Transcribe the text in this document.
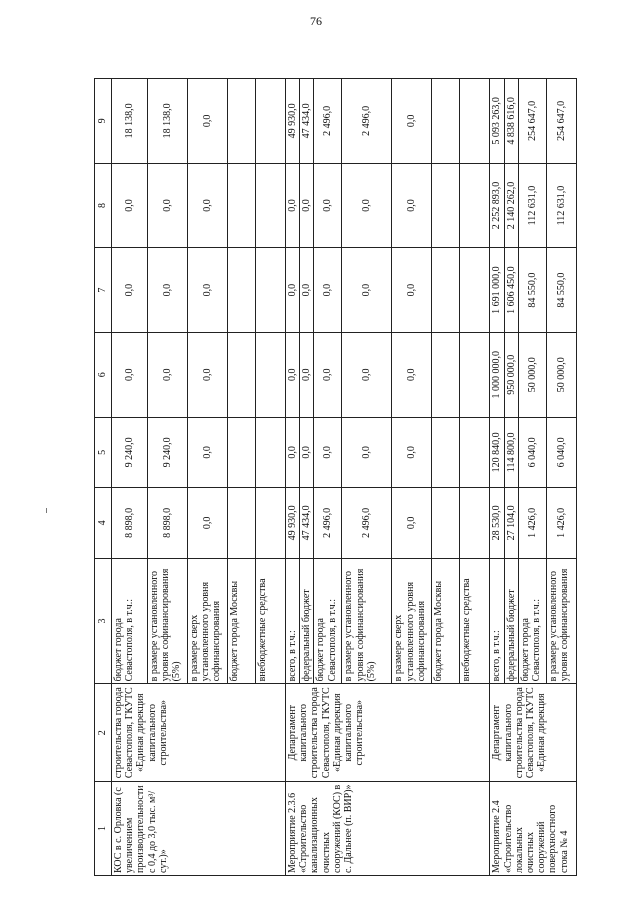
76
1	2	3	4	5	6	7	8	9
КОС в с. Орловка (с увеличением производительности с 0,4 до 3,0 тыс. м³/сут.)»	строительства города Севастополя, ГКУТС «Единая дирекция капитального строительства»	бюджет города Севастополя, в т.ч.:	8 898,0	9 240,0	0,0	0,0	0,0	18 138,0
		в размере установленного уровня софинансирования (5%)	8 898,0	9 240,0	0,0	0,0	0,0	18 138,0
		в размере сверх установленного уровня софинансирования	0,0	0,0	0,0	0,0	0,0	0,0
		бюджет города Москвы						
		внебюджетные средства						
Мероприятие 2.3.6 «Строительство канализационных очистных сооружений (КОС) в с. Дальнее (п. ВИР)»	Департамент капитального строительства города Севастополя, ГКУТС «Единая дирекция капитального строительства»	всего, в т.ч.:	49 930,0	0,0	0,0	0,0	0,0	49 930,0
		федеральный бюджет	47 434,0	0,0	0,0	0,0	0,0	47 434,0
		бюджет города Севастополя, в т.ч.:	2 496,0	0,0	0,0	0,0	0,0	2 496,0
		в размере установленного уровня софинансирования (5%)	2 496,0	0,0	0,0	0,0	0,0	2 496,0
		в размере сверх установленного уровня софинансирования	0,0	0,0	0,0	0,0	0,0	0,0
		бюджет города Москвы						
		внебюджетные средства						
Мероприятие 2.4 «Строительство локальных очистных сооружений поверхностного стока № 4	Департамент капитального строительства города Севастополя, ГКУТС «Единая дирекция	всего, в т.ч.:	28 530,0	120 840,0	1 000 000,0	1 691 000,0	2 252 893,0	5 093 263,0
		федеральный бюджет	27 104,0	114 800,0	950 000,0	1 606 450,0	2 140 262,0	4 838 616,0
		бюджет города Севастополя, в т.ч.:	1 426,0	6 040,0	50 000,0	84 550,0	112 631,0	254 647,0
		в размере установленного уровня софинансирования	1 426,0	6 040,0	50 000,0	84 550,0	112 631,0	254 647,0
